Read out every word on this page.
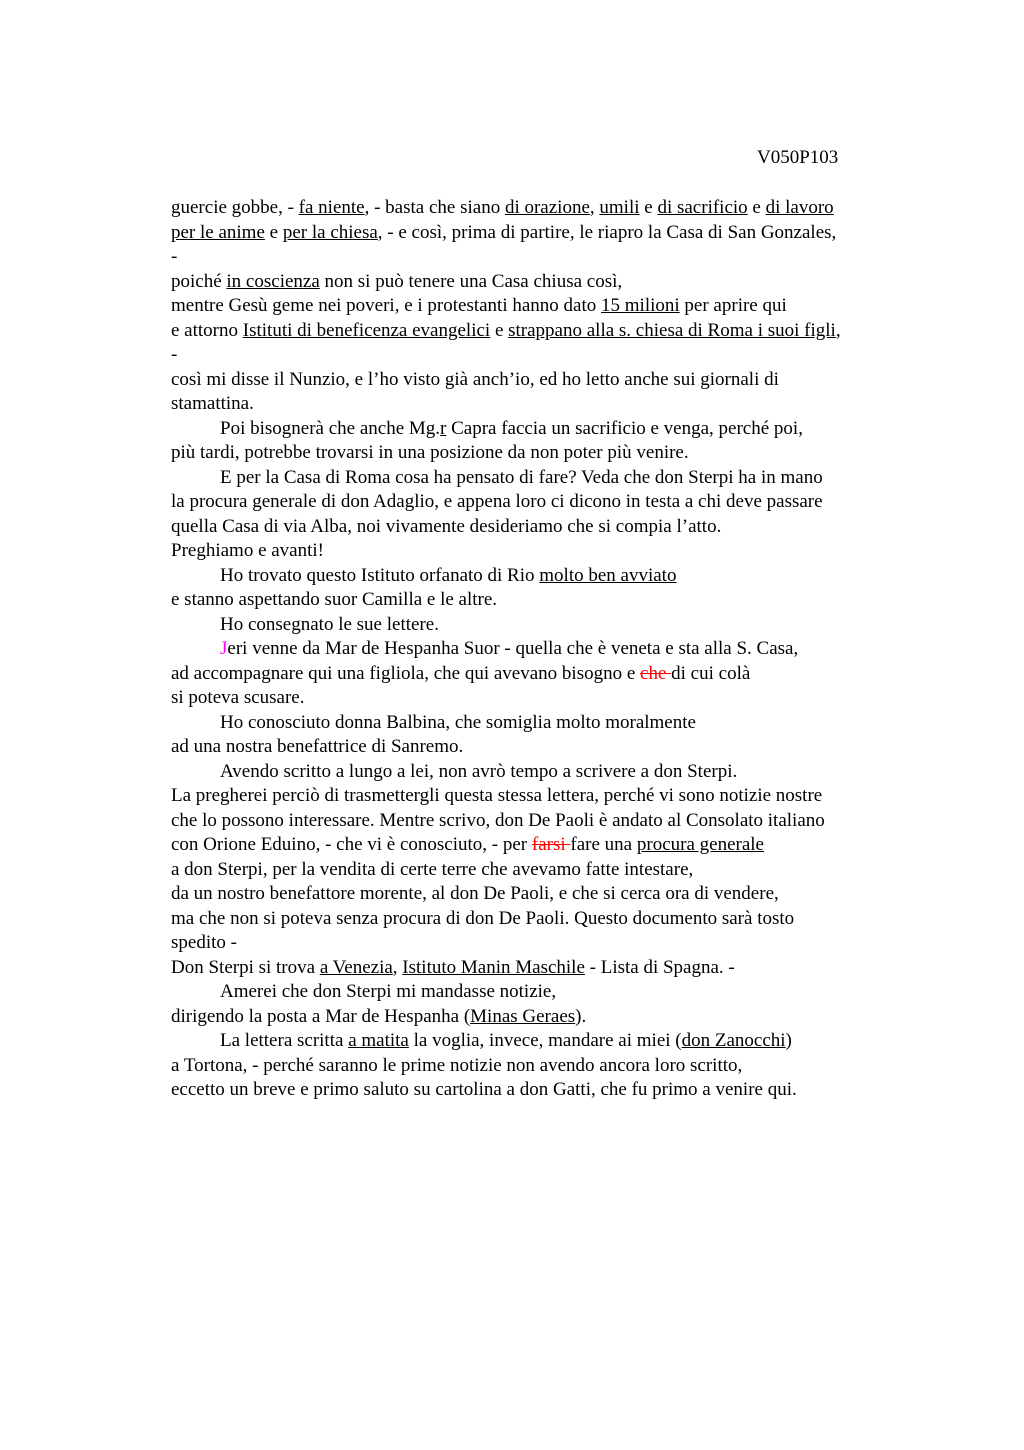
V050P103
guercie gobbe, - fa niente, - basta che siano di orazione, umili e di sacrificio e di lavoro
per le anime e per la chiesa, - e così, prima di partire, le riapro la Casa di San Gonzales,
-
poiché in coscienza non si può tenere una Casa chiusa così,
mentre Gesù geme nei poveri, e i protestanti hanno dato 15 milioni per aprire qui
e attorno Istituti di beneficenza evangelici e strappano alla s. chiesa di Roma i suoi figli,
-
così mi disse il Nunzio, e l’ho visto già anch’io, ed ho letto anche sui giornali di
stamattina.
Poi bisognerà che anche Mg.r Capra faccia un sacrificio e venga, perché poi,
più tardi, potrebbe trovarsi in una posizione da non poter più venire.
E per la Casa di Roma cosa ha pensato di fare? Veda che don Sterpi ha in mano
la procura generale di don Adaglio, e appena loro ci dicono in testa a chi deve passare
quella Casa di via Alba, noi vivamente desideriamo che si compia l’atto.
Preghiamo e avanti!
Ho trovato questo Istituto orfanato di Rio molto ben avviato
e stanno aspettando suor Camilla e le altre.
Ho consegnato le sue lettere.
Jeri venne da Mar de Hespanha Suor - quella che è veneta e sta alla S. Casa,
ad accompagnare qui una figliola, che qui avevano bisogno e che di cui colà
si poteva scusare.
Ho conosciuto donna Balbina, che somiglia molto moralmente
ad una nostra benefattrice di Sanremo.
Avendo scritto a lungo a lei, non avrò tempo a scrivere a don Sterpi.
La pregherei perciò di trasmettergli questa stessa lettera, perché vi sono notizie nostre
che lo possono interessare. Mentre scrivo, don De Paoli è andato al Consolato italiano
con Orione Eduino, - che vi è conosciuto, - per farsi fare una procura generale
a don Sterpi, per la vendita di certe terre che avevamo fatte intestare,
da un nostro benefattore morente, al don De Paoli, e che si cerca ora di vendere,
ma che non si poteva senza procura di don De Paoli. Questo documento sarà tosto
spedito -
Don Sterpi si trova a Venezia, Istituto Manin Maschile - Lista di Spagna. -
Amerei che don Sterpi mi mandasse notizie,
dirigendo la posta a Mar de Hespanha (Minas Geraes).
La lettera scritta a matita la voglia, invece, mandare ai miei (don Zanocchi)
a Tortona, - perché saranno le prime notizie non avendo ancora loro scritto,
eccetto un breve e primo saluto su cartolina a don Gatti, che fu primo a venire qui.
